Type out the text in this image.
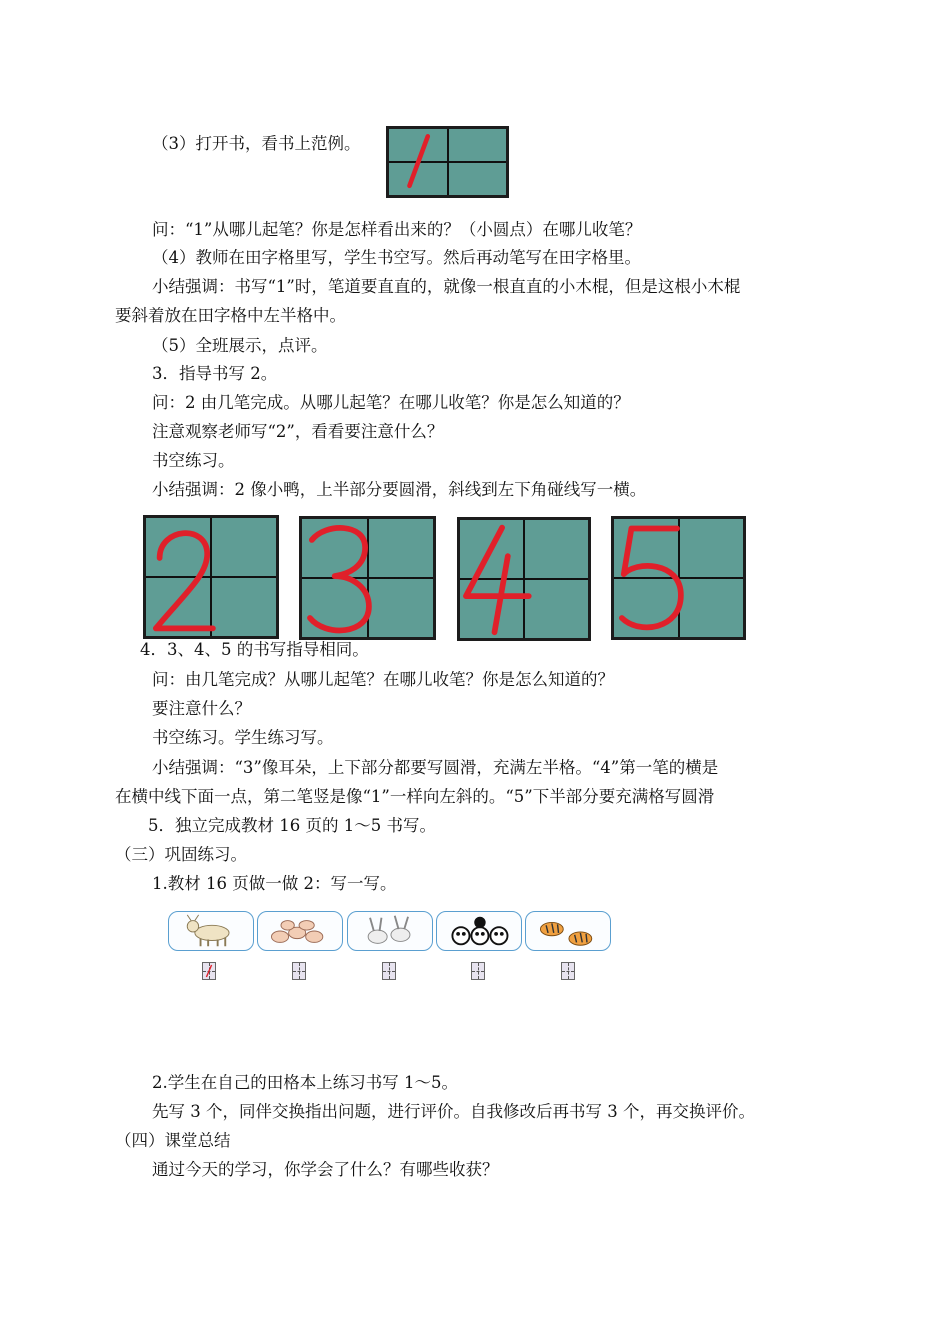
（3）打开书，看书上范例。
问：“1”从哪儿起笔？你是怎样看出来的？（小圆点）在哪儿收笔？
（4）教师在田字格里写，学生书空写。然后再动笔写在田字格里。
小结强调：书写“1”时，笔道要直直的，就像一根直直的小木棍，但是这根小木棍
要斜着放在田字格中左半格中。
（5）全班展示，点评。
3．指导书写 2。
问：2 由几笔完成。从哪儿起笔？在哪儿收笔？你是怎么知道的？
注意观察老师写“2”，看看要注意什么？
书空练习。
小结强调：2 像小鸭，上半部分要圆滑，斜线到左下角碰线写一横。
4．3、4、5 的书写指导相同。
问：由几笔完成？从哪儿起笔？在哪儿收笔？你是怎么知道的？
要注意什么？
书空练习。学生练习写。
小结强调：“3”像耳朵，上下部分都要写圆滑，充满左半格。“4”第一笔的横是
在横中线下面一点，第二笔竖是像“1”一样向左斜的。“5”下半部分要充满格写圆滑
5．独立完成教材 16 页的 1～5 书写。
（三）巩固练习。
1.教材 16 页做一做 2：写一写。
2.学生在自己的田格本上练习书写 1～5。
先写 3 个，同伴交换指出问题，进行评价。自我修改后再书写 3 个，再交换评价。
（四）课堂总结
通过今天的学习，你学会了什么？有哪些收获？
